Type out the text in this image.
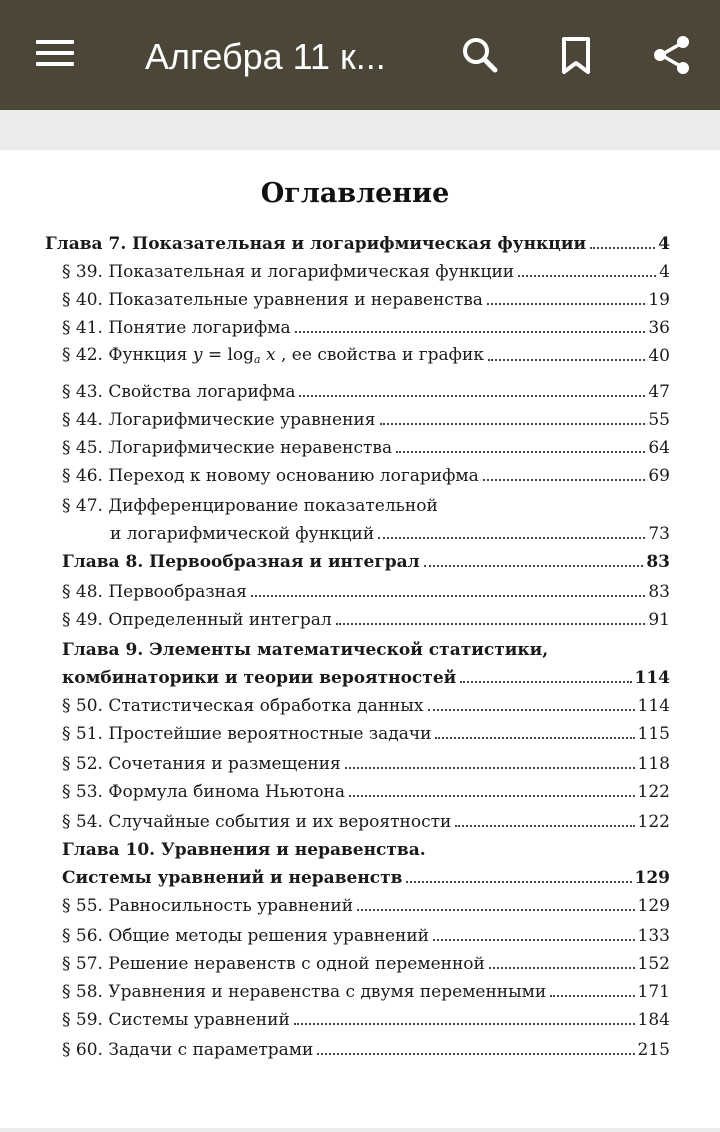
Алгебра 11 к...
Оглавление
Глава 7. Показательная и логарифмическая функции	4
§ 39. Показательная и логарифмическая функции	4
§ 40. Показательные уравнения и неравенства	19
§ 41. Понятие логарифма	36
§ 42. Функция $y = \log_a x$ , ее свойства и график	40
§ 43. Свойства логарифма	47
§ 44. Логарифмические уравнения	55
§ 45. Логарифмические неравенства	64
§ 46. Переход к новому основанию логарифма	69
§ 47. Дифференцирование показательной
и логарифмической функций	73
Глава 8. Первообразная и интеграл	83
§ 48. Первообразная	83
§ 49. Определенный интеграл	91
Глава 9. Элементы математической статистики,
комбинаторики и теории вероятностей	114
§ 50. Статистическая обработка данных	114
§ 51. Простейшие вероятностные задачи	115
§ 52. Сочетания и размещения	118
§ 53. Формула бинома Ньютона	122
§ 54. Случайные события и их вероятности	122
Глава 10. Уравнения и неравенства.
Системы уравнений и неравенств	129
§ 55. Равносильность уравнений	129
§ 56. Общие методы решения уравнений	133
§ 57. Решение неравенств с одной переменной	152
§ 58. Уравнения и неравенства с двумя переменными	171
§ 59. Системы уравнений	184
§ 60. Задачи с параметрами	215
